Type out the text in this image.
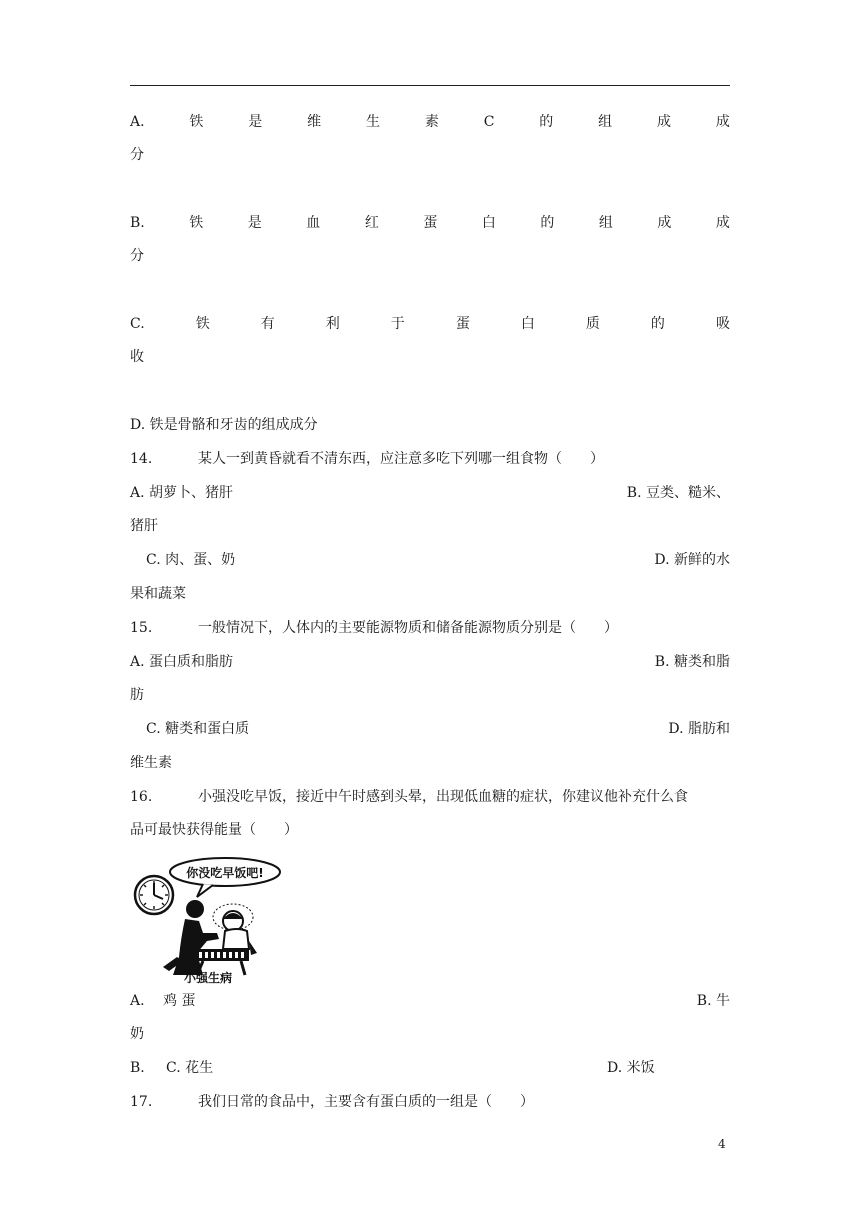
A.	铁	是	维	生	素	C	的	组	成	成
分
B.	铁	是	血	红	蛋	白	的	组	成	成
分
C.	铁	有	利	于	蛋	白	质	的	吸
收
D. 铁是骨骼和牙齿的组成成分
14.	某人一到黄昏就看不清东西，应注意多吃下列哪一组食物（　　）
A. 胡萝卜、猪肝	B. 豆类、糙米、
猪肝
C. 肉、蛋、奶	D. 新鲜的水
果和蔬菜
15.	一般情况下，人体内的主要能源物质和储备能源物质分别是（　　）
A. 蛋白质和脂肪	B. 糖类和脂
肪
C. 糖类和蛋白质	D. 脂肪和
维生素
16.	小强没吃早饭，接近中午时感到头晕，出现低血糖的症状，你建议他补充什么食
品可最快获得能量（　　）
你没吃早饭吧!
小强生病
A.　 鸡 蛋	B. 牛
奶
B. C. 花生	D. 米饭
17.	我们日常的食品中，主要含有蛋白质的一组是（　　）
4
